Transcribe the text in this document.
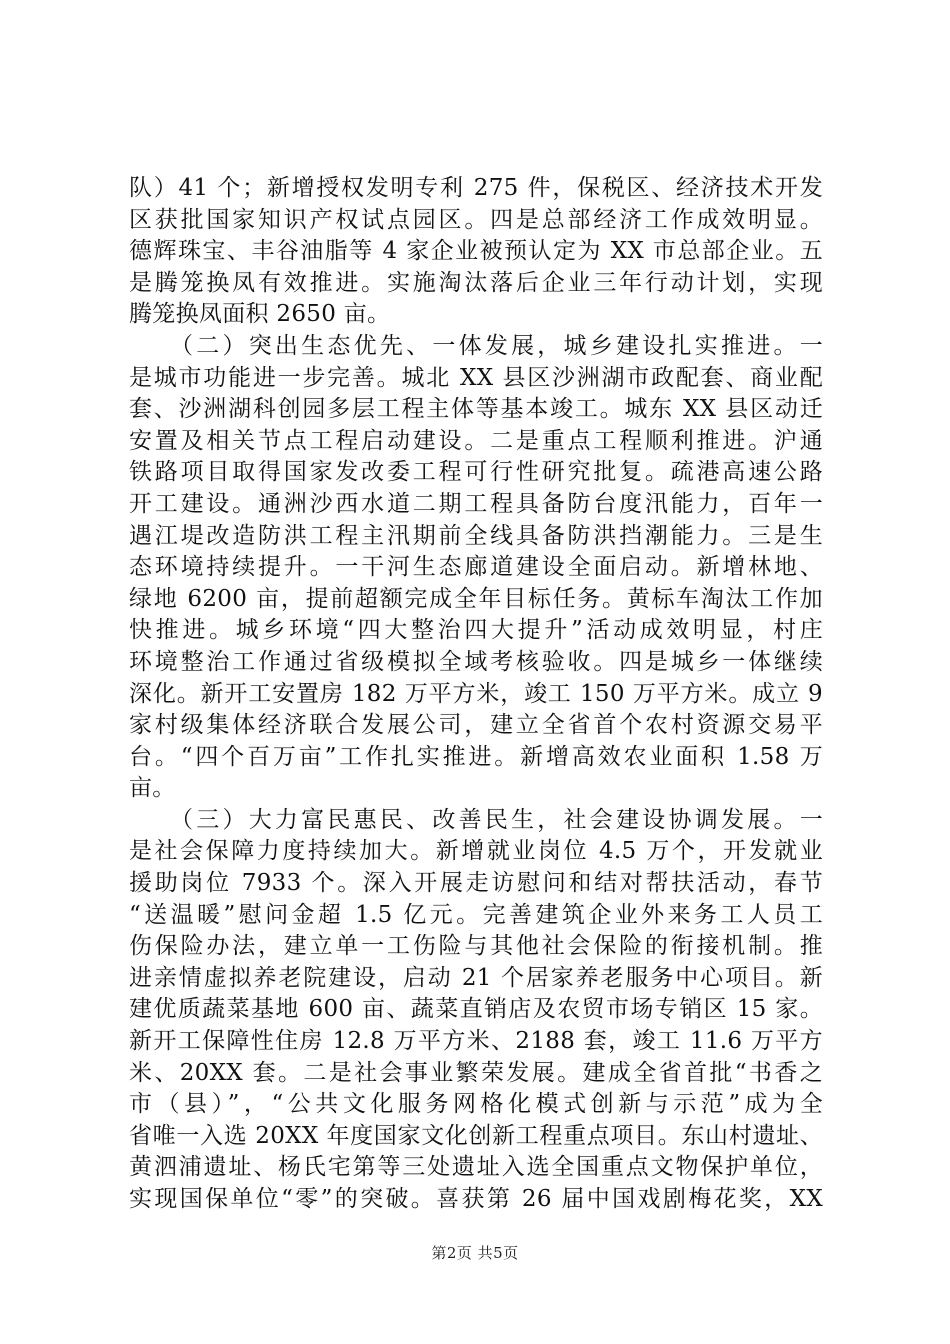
队）41 个；新增授权发明专利 275 件，保税区、经济技术开发
区获批国家知识产权试点园区。四是总部经济工作成效明显。
德辉珠宝、丰谷油脂等 4 家企业被预认定为 XX 市总部企业。五
是腾笼换凤有效推进。实施淘汰落后企业三年行动计划，实现
腾笼换凤面积 2650 亩。
　　（二）突出生态优先、一体发展，城乡建设扎实推进。一
是城市功能进一步完善。城北 XX 县区沙洲湖市政配套、商业配
套、沙洲湖科创园多层工程主体等基本竣工。城东 XX 县区动迁
安置及相关节点工程启动建设。二是重点工程顺利推进。沪通
铁路项目取得国家发改委工程可行性研究批复。疏港高速公路
开工建设。通洲沙西水道二期工程具备防台度汛能力，百年一
遇江堤改造防洪工程主汛期前全线具备防洪挡潮能力。三是生
态环境持续提升。一干河生态廊道建设全面启动。新增林地、
绿地 6200 亩，提前超额完成全年目标任务。黄标车淘汰工作加
快推进。城乡环境“四大整治四大提升”活动成效明显，村庄
环境整治工作通过省级模拟全域考核验收。四是城乡一体继续
深化。新开工安置房 182 万平方米，竣工 150 万平方米。成立 9
家村级集体经济联合发展公司，建立全省首个农村资源交易平
台。“四个百万亩”工作扎实推进。新增高效农业面积 1.58 万
亩。
　　（三）大力富民惠民、改善民生，社会建设协调发展。一
是社会保障力度持续加大。新增就业岗位 4.5 万个，开发就业
援助岗位 7933 个。深入开展走访慰问和结对帮扶活动，春节
“送温暖”慰问金超 1.5 亿元。完善建筑企业外来务工人员工
伤保险办法，建立单一工伤险与其他社会保险的衔接机制。推
进亲情虚拟养老院建设，启动 21 个居家养老服务中心项目。新
建优质蔬菜基地 600 亩、蔬菜直销店及农贸市场专销区 15 家。
新开工保障性住房 12.8 万平方米、2188 套，竣工 11.6 万平方
米、20XX 套。二是社会事业繁荣发展。建成全省首批“书香之
市（县）”，“公共文化服务网格化模式创新与示范”成为全
省唯一入选 20XX 年度国家文化创新工程重点项目。东山村遗址、
黄泗浦遗址、杨氏宅第等三处遗址入选全国重点文物保护单位，
实现国保单位“零”的突破。喜获第 26 届中国戏剧梅花奖，XX
第2页 共5页
